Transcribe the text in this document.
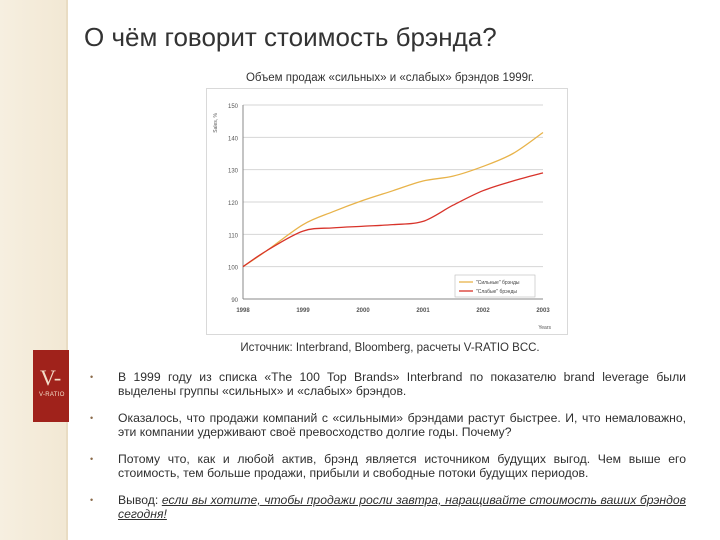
V-
V-RATIO
О чём говорит стоимость брэнда?
Объем продаж «сильных» и «слабых» брэндов 1999г.
90
100
110
120
130
140
150
1998	1999	2000	2001	2002	2003
Sales, %
Years
"Сильные" брэнды
"Слабые" брэнды
Источник: Interbrand, Bloomberg, расчеты V-RATIO BCC.
• В 1999 году из списка «The 100 Top Brands» Interbrand по показателю brand leverage были выделены группы «сильных» и «слабых» брэндов.
• Оказалось, что продажи компаний с «сильными» брэндами растут быстрее. И, что немаловажно, эти компании удерживают своё превосходство долгие годы. Почему?
• Потому что, как и любой актив, брэнд является источником будущих выгод. Чем выше его стоимость, тем больше продажи, прибыли и свободные потоки будущих периодов.
• Вывод: если вы хотите, чтобы продажи росли завтра, наращивайте стоимость ваших брэндов сегодня!
